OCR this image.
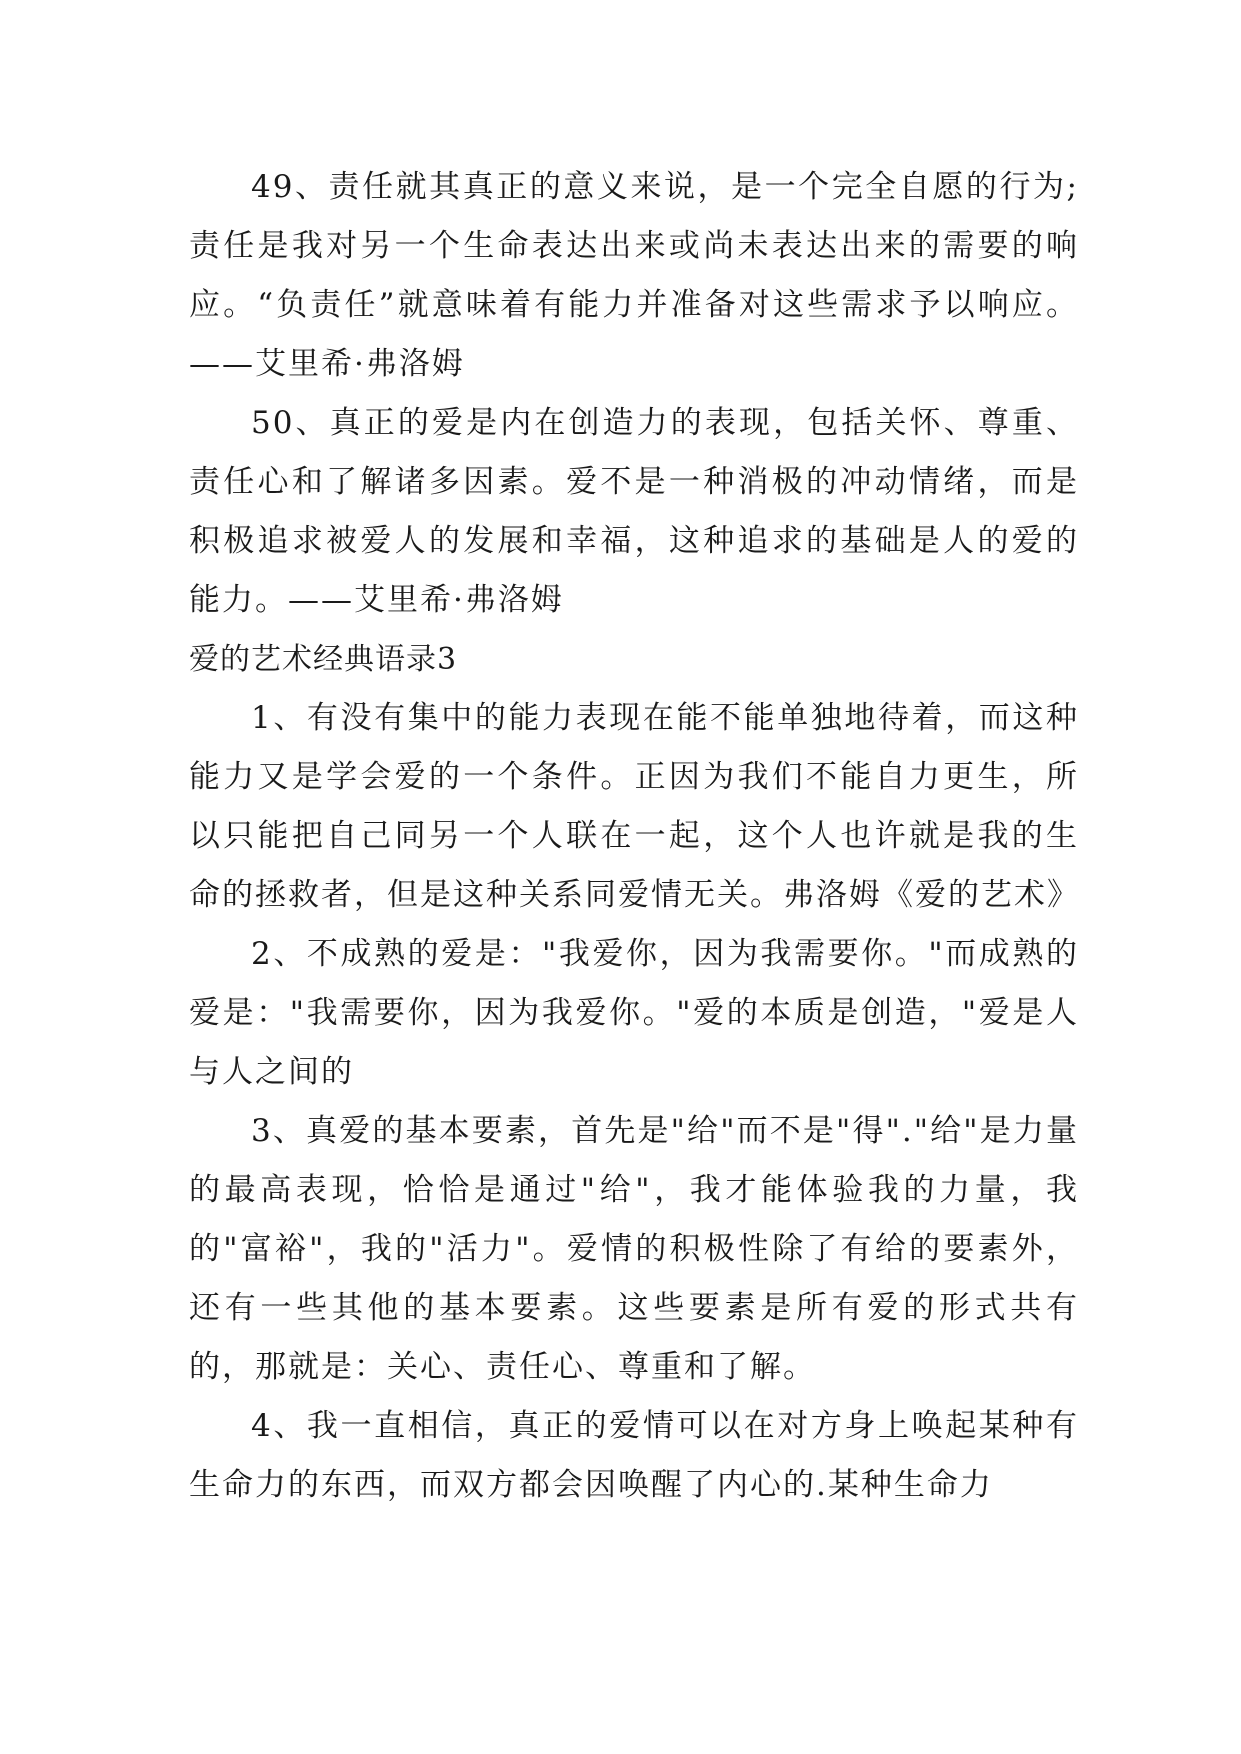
49、责任就其真正的意义来说，是一个完全自愿的行为;责任是我对另一个生命表达出来或尚未表达出来的需要的响应。“负责任”就意味着有能力并准备对这些需求予以响应。——艾里希·弗洛姆

50、真正的爱是内在创造力的表现，包括关怀、尊重、责任心和了解诸多因素。爱不是一种消极的冲动情绪，而是积极追求被爱人的发展和幸福，这种追求的基础是人的爱的能力。——艾里希·弗洛姆

爱的艺术经典语录3

1、有没有集中的能力表现在能不能单独地待着，而这种能力又是学会爱的一个条件。正因为我们不能自力更生，所以只能把自己同另一个人联在一起，这个人也许就是我的生命的拯救者，但是这种关系同爱情无关。弗洛姆《爱的艺术》

2、不成熟的爱是："我爱你，因为我需要你。"而成熟的爱是："我需要你，因为我爱你。"爱的本质是创造，"爱是人与人之间的

3、真爱的基本要素，首先是"给"而不是"得"."给"是力量的最高表现，恰恰是通过"给"，我才能体验我的力量，我的"富裕"，我的"活力"。爱情的积极性除了有给的要素外，还有一些其他的基本要素。这些要素是所有爱的形式共有的，那就是：关心、责任心、尊重和了解。

4、我一直相信，真正的爱情可以在对方身上唤起某种有生命力的东西，而双方都会因唤醒了内心的.某种生命力
